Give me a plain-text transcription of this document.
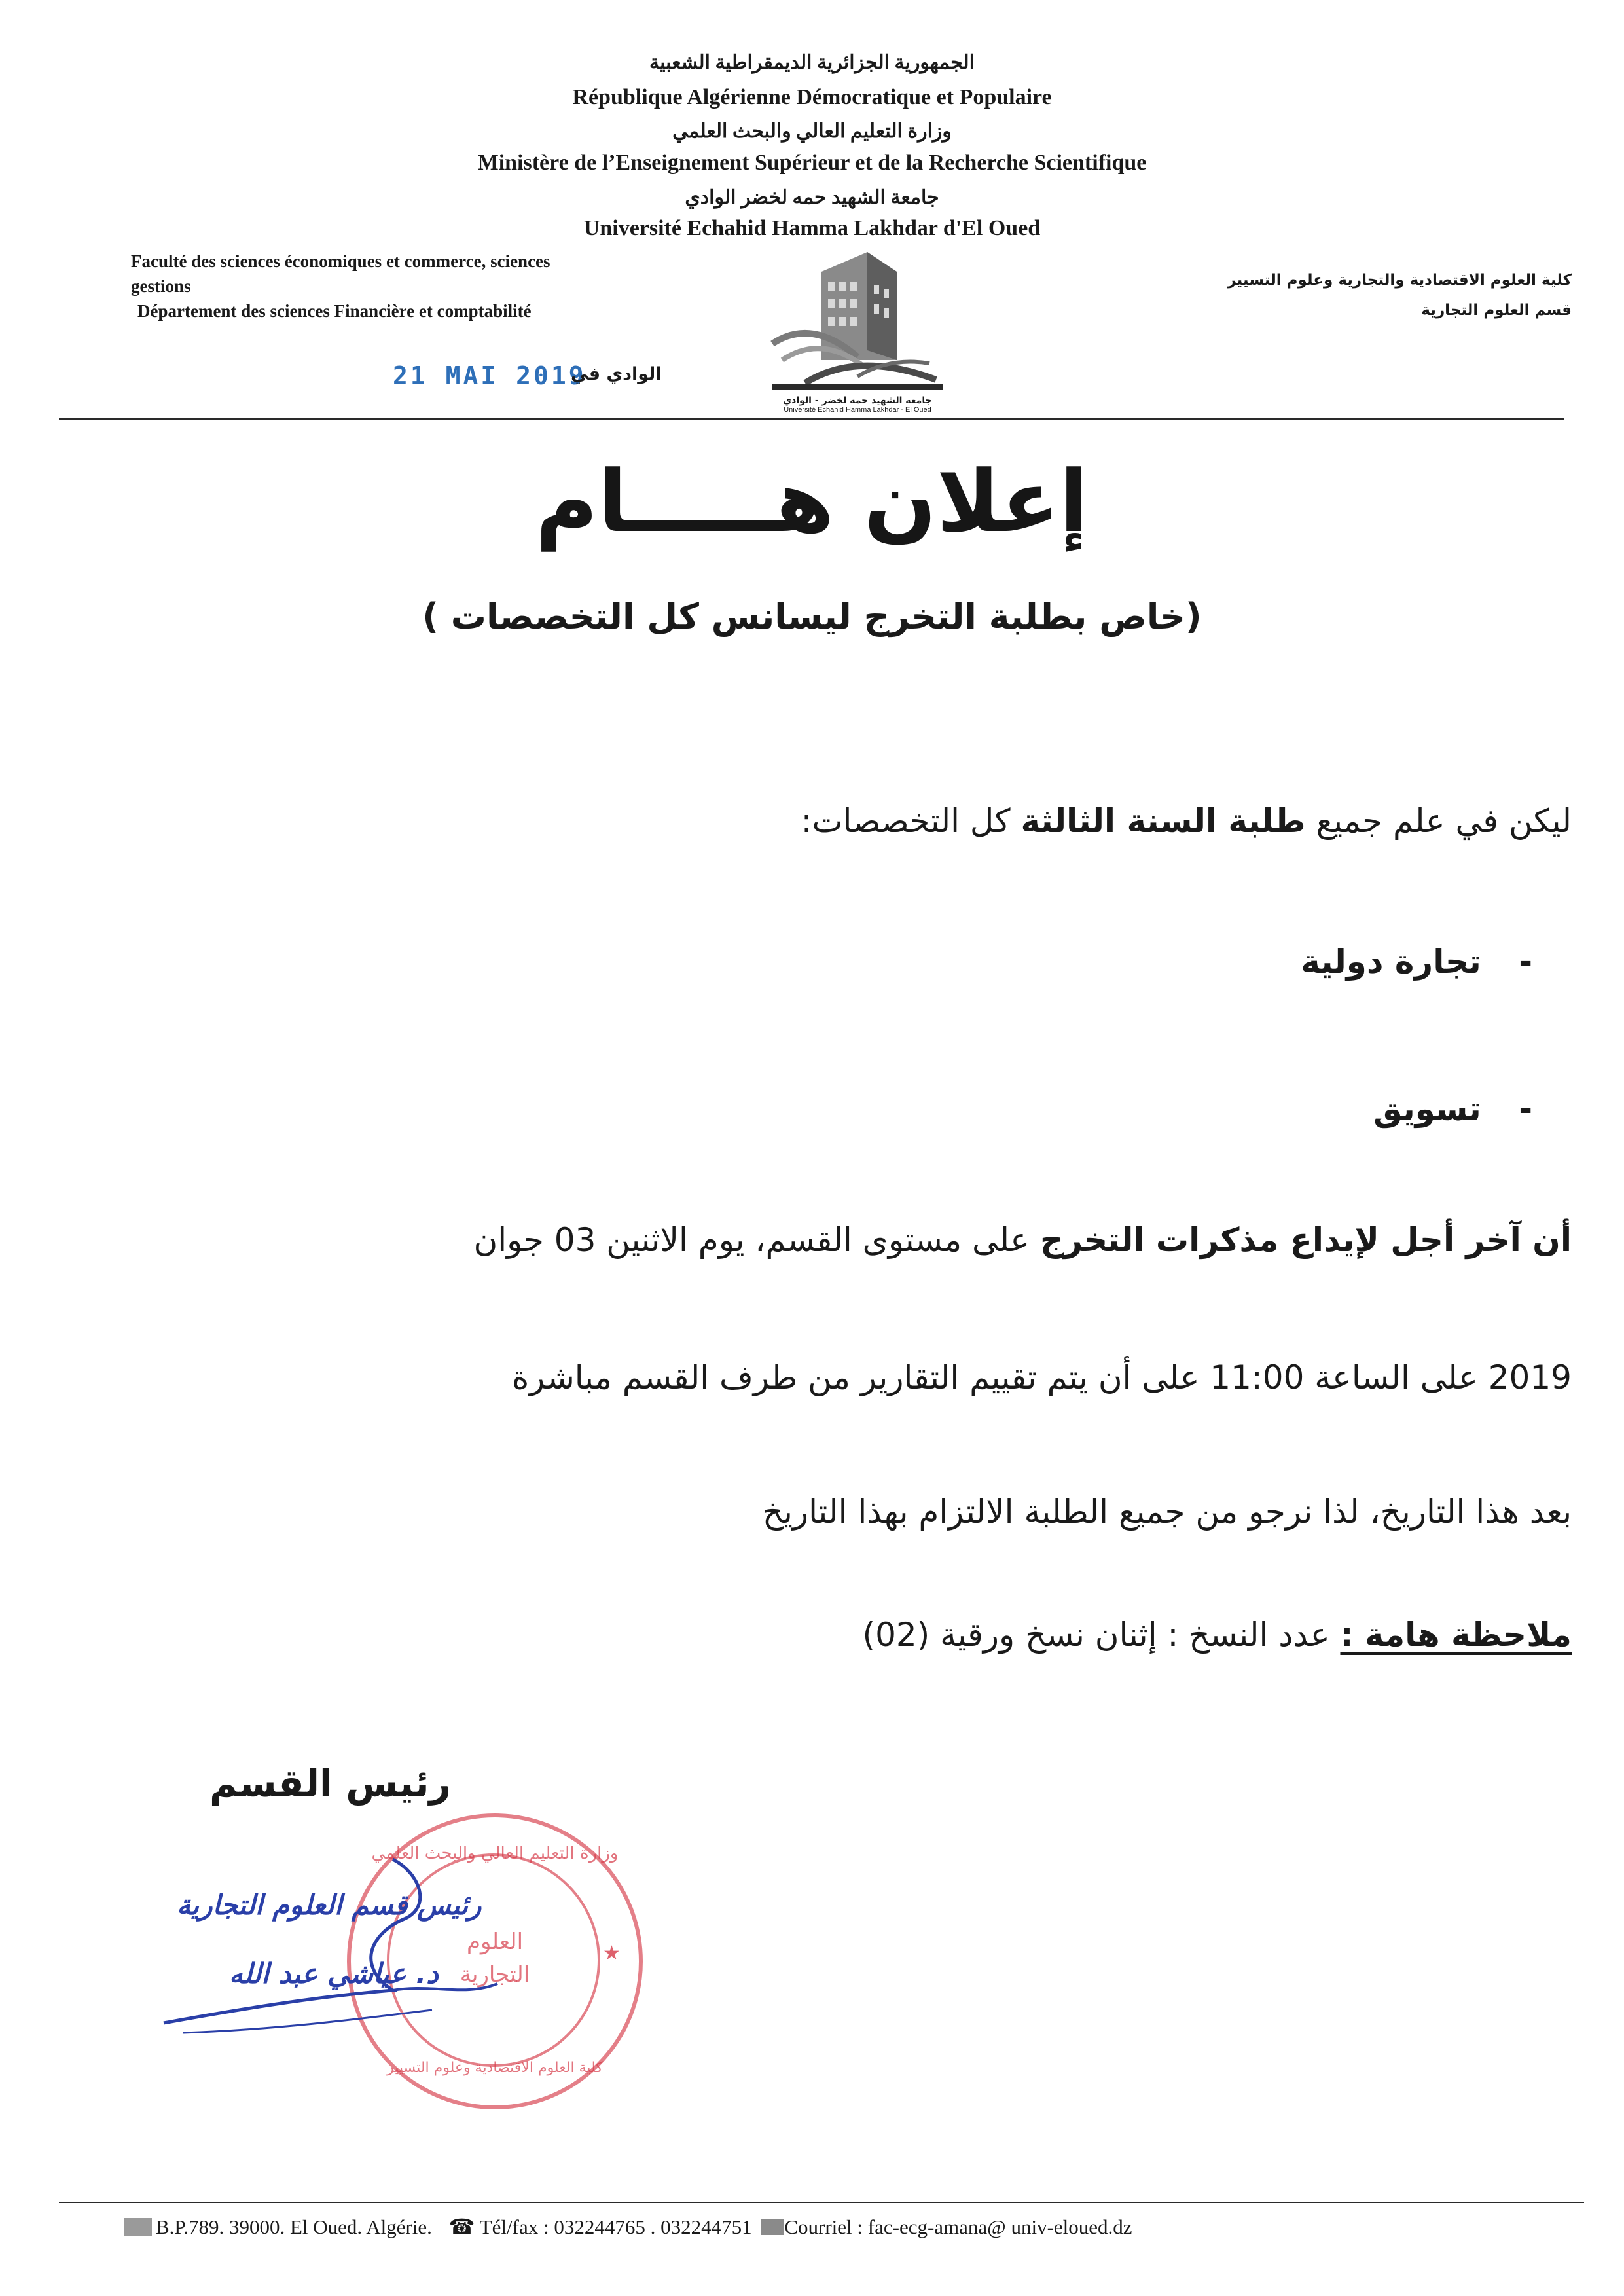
الجمهورية الجزائرية الديمقراطية الشعبية
République Algérienne Démocratique et Populaire
وزارة التعليم العالي والبحث العلمي
Ministère de l’Enseignement Supérieur et de la Recherche Scientifique
جامعة الشهيد حمه لخضر الوادي
Université Echahid Hamma Lakhdar d'El Oued
Faculté des sciences économiques et commerce, sciences
gestions
Département des sciences Financière et comptabilité
كلية العلوم الاقتصادية والتجارية وعلوم التسيير
قسم العلوم التجارية
جامعة الشهيد حمه لخضر - الوادي
Université Echahid Hamma Lakhdar - El Oued
21 MAI 2019
الوادي في
إعلان هـــــام
(خاص بطلبة التخرج ليسانس كل التخصصات )
ليكن في علم جميع طلبة السنة الثالثة كل التخصصات:
- تجارة دولية
- تسويق
أن آخر أجل لإيداع مذكرات التخرج على مستوى القسم، يوم الاثنين 03 جوان
2019 على الساعة 11:00 على أن يتم تقييم التقارير من طرف القسم مباشرة
بعد هذا التاريخ، لذا نرجو من جميع الطلبة الالتزام بهذا التاريخ
ملاحظة هامة : عدد النسخ : إثنان نسخ ورقية (02)
رئيس القسم
وزارة التعليم العالي والبحث العلمي
العلوم
التجارية
كلية العلوم الاقتصادية وعلوم التسيير
★
رئيس قسم العلوم التجارية
د. عياشي عبد الله
B.P.789. 39000. El Oued. Algérie. ☎ Tél/fax : 032244765 . 032244751 Courriel : fac-ecg-amana@ univ-eloued.dz
